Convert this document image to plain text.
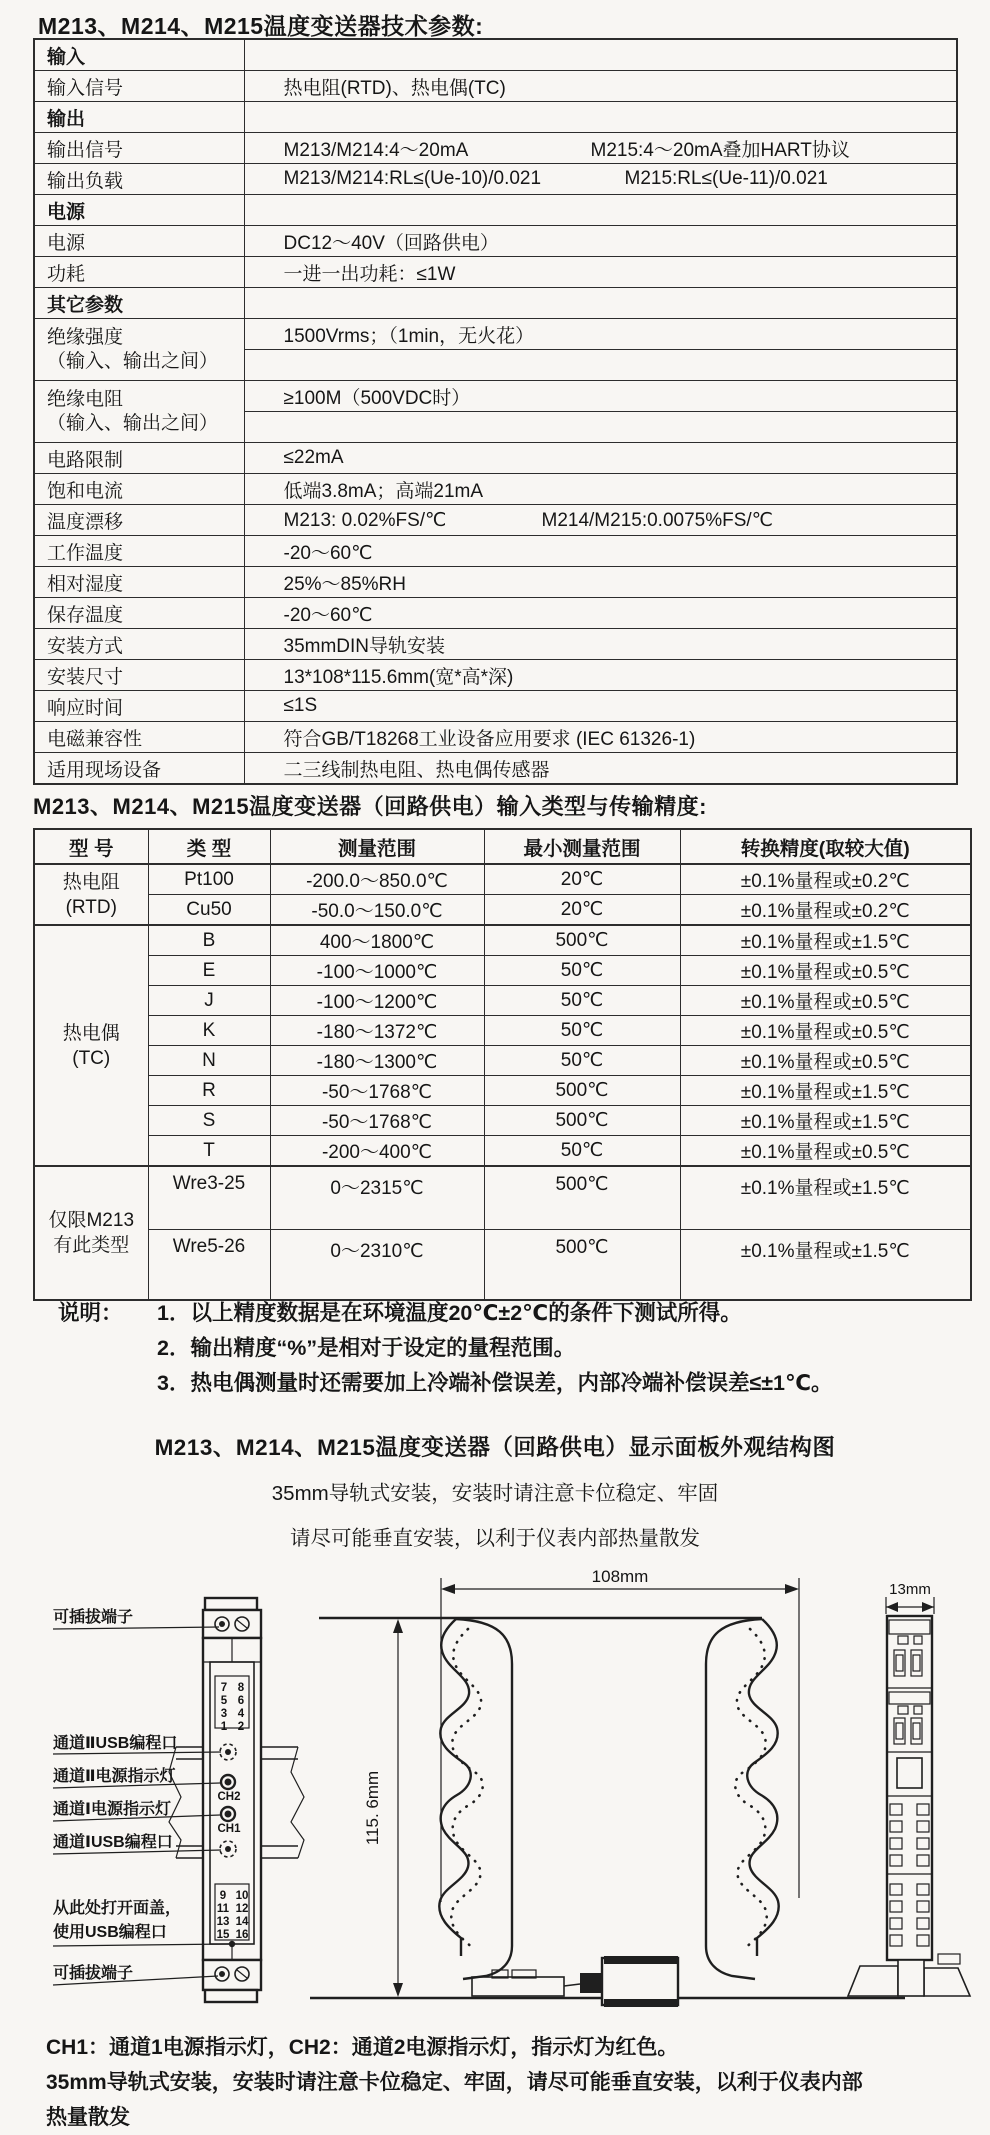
M213、M214、M215温度变送器技术参数:
输入	
输入信号	热电阻(RTD)、热电偶(TC)
输出	
输出信号	M213/M214:4～20mA M215:4～20mA叠加HART协议
输出负载	M213/M214:RL≤(Ue-10)/0.021 M215:RL≤(Ue-11)/0.021
电源	
电源	DC12～40V（回路供电）
功耗	一进一出功耗：≤1W
其它参数	

绝缘强度
（输入、输出之间）	1500Vrms；（1min，无火花）

绝缘电阻
（输入、输出之间）	≥100M（500VDC时）

电路限制	≤22mA
饱和电流	低端3.8mA；高端21mA
温度漂移	M213: 0.02%FS/℃ M214/M215:0.0075%FS/℃
工作温度	-20～60℃
相对湿度	25%～85%RH
保存温度	-20～60℃
安装方式	35mmDIN导轨安装
安装尺寸	13*108*115.6mm(宽*高*深)
响应时间	≤1S
电磁兼容性	符合GB/T18268工业设备应用要求 (IEC 61326-1)
适用现场设备	二三线制热电阻、热电偶传感器
M213、M214、M215温度变送器（回路供电）输入类型与传输精度:
型 号	类 型	测量范围	最小测量范围	转换精度(取较大值)

热电阻
(RTD)	Pt100	-200.0～850.0℃	20℃	±0.1%量程或±0.2℃
	Cu50	-50.0～150.0℃	20℃	±0.1%量程或±0.2℃

热电偶
(TC)	B	400～1800℃	500℃	±0.1%量程或±1.5℃
	E	-100～1000℃	50℃	±0.1%量程或±0.5℃
	J	-100～1200℃	50℃	±0.1%量程或±0.5℃
	K	-180～1372℃	50℃	±0.1%量程或±0.5℃
	N	-180～1300℃	50℃	±0.1%量程或±0.5℃
	R	-50～1768℃	500℃	±0.1%量程或±1.5℃
	S	-50～1768℃	500℃	±0.1%量程或±1.5℃
	T	-200～400℃	50℃	±0.1%量程或±0.5℃

仅限M213
有此类型	Wre3-25	0～2315℃	500℃	±0.1%量程或±1.5℃
	Wre5-26	0～2310℃	500℃	±0.1%量程或±1.5℃
说明： 1．以上精度数据是在环境温度20℃±2℃的条件下测试所得。
2．输出精度“%”是相对于设定的量程范围。
3．热电偶测量时还需要加上冷端补偿误差，内部冷端补偿误差≤±1℃。
M213、M214、M215温度变送器（回路供电）显示面板外观结构图
35mm导轨式安装，安装时请注意卡位稳定、牢固
请尽可能垂直安装，以利于仪表内部热量散发
7 8
5 6
3 4
1 2
CH2
CH1
9 10
11 12
13 14
15 16
可插拔端子
通道ⅡUSB编程口
通道Ⅱ电源指示灯
通道Ⅰ电源指示灯
通道ⅠUSB编程口
从此处打开面盖，
使用USB编程口
可插拔端子
115. 6mm
108mm
13mm
CH1：通道1电源指示灯，CH2：通道2电源指示灯，指示灯为红色。
35mm导轨式安装，安装时请注意卡位稳定、牢固，请尽可能垂直安装，以利于仪表内部
热量散发
